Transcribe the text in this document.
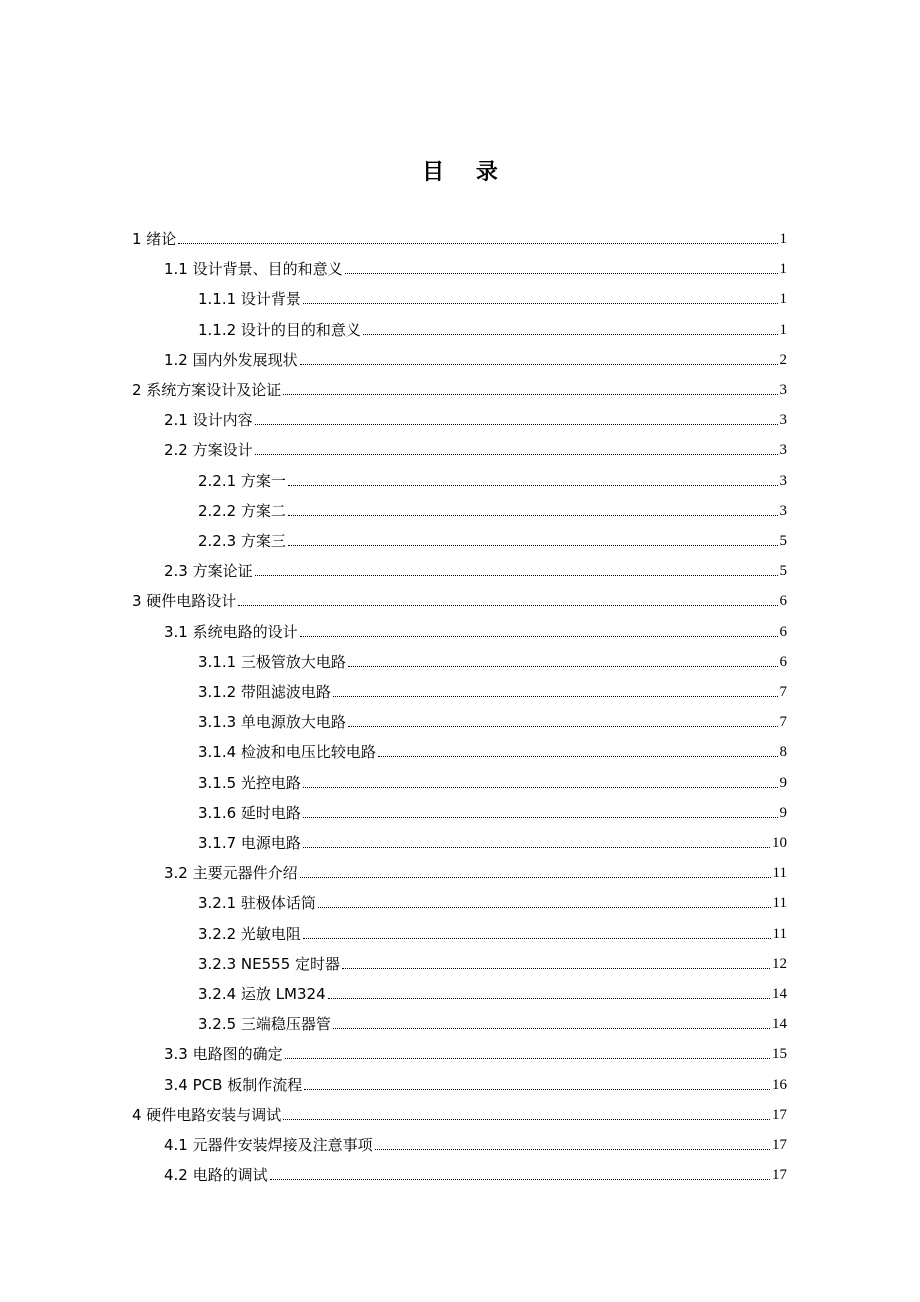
目 录
1 绪论	1
1.1 设计背景、目的和意义	1
1.1.1 设计背景	1
1.1.2 设计的目的和意义	1
1.2 国内外发展现状	2
2 系统方案设计及论证	3
2.1 设计内容	3
2.2 方案设计	3
2.2.1 方案一	3
2.2.2 方案二	3
2.2.3 方案三	5
2.3 方案论证	5
3 硬件电路设计	6
3.1 系统电路的设计	6
3.1.1 三极管放大电路	6
3.1.2 带阻滤波电路	7
3.1.3 单电源放大电路	7
3.1.4 检波和电压比较电路	8
3.1.5 光控电路	9
3.1.6 延时电路	9
3.1.7 电源电路	10
3.2 主要元器件介绍	11
3.2.1 驻极体话筒	11
3.2.2 光敏电阻	11
3.2.3 NE555 定时器	12
3.2.4 运放 LM324	14
3.2.5 三端稳压器管	14
3.3 电路图的确定	15
3.4 PCB 板制作流程	16
4 硬件电路安装与调试	17
4.1 元器件安装焊接及注意事项	17
4.2 电路的调试	17
